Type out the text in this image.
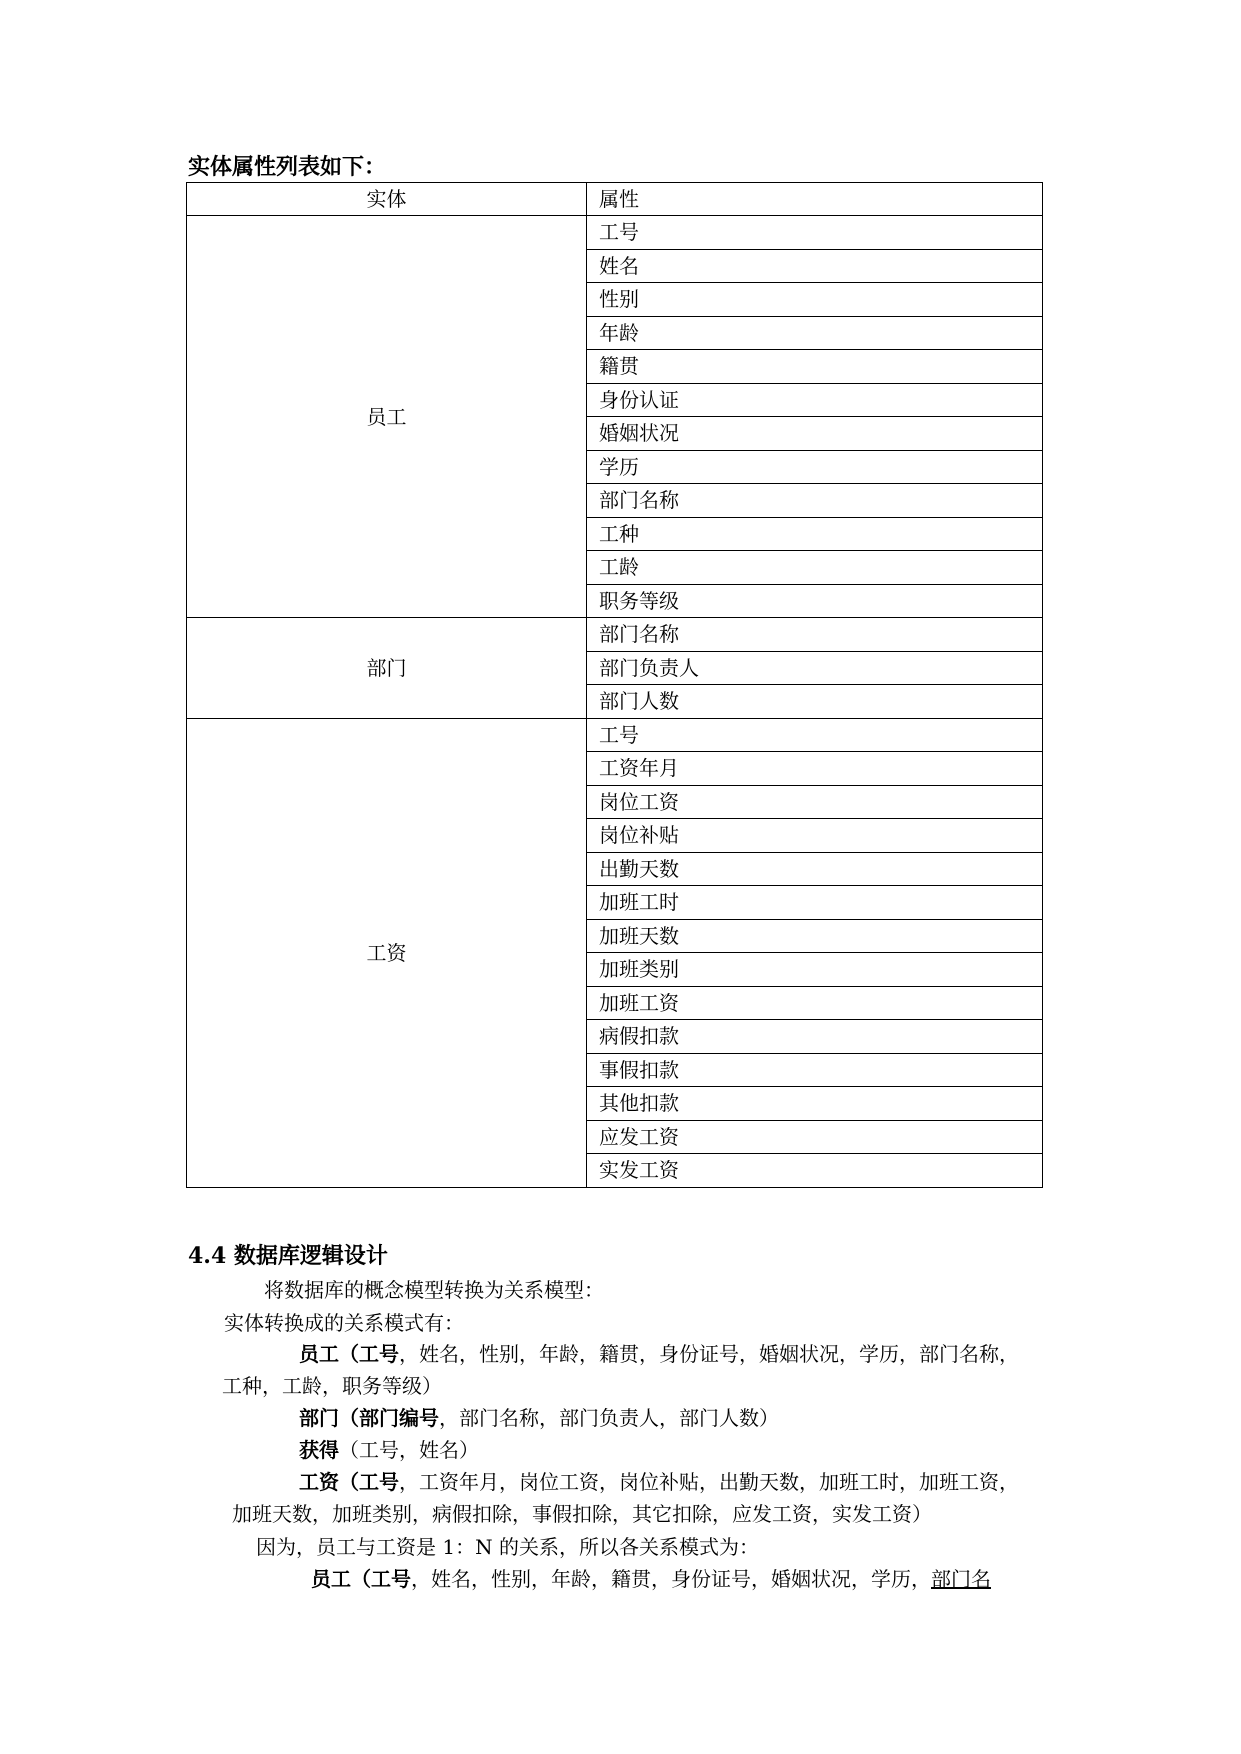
实体属性列表如下：
实体	属性
员工	工号
	姓名
	性别
	年龄
	籍贯
	身份认证
	婚姻状况
	学历
	部门名称
	工种
	工龄
	职务等级
部门	部门名称
	部门负责人
	部门人数
工资	工号
	工资年月
	岗位工资
	岗位补贴
	出勤天数
	加班工时
	加班天数
	加班类别
	加班工资
	病假扣款
	事假扣款
	其他扣款
	应发工资
	实发工资
4.4 数据库逻辑设计
将数据库的概念模型转换为关系模型：
实体转换成的关系模式有：
员工（工号，姓名，性别，年龄，籍贯，身份证号，婚姻状况，学历，部门名称，
工种，工龄，职务等级）
部门（部门编号，部门名称，部门负责人，部门人数）
获得（工号，姓名）
工资（工号，工资年月，岗位工资，岗位补贴，出勤天数，加班工时，加班工资，
加班天数，加班类别，病假扣除，事假扣除，其它扣除，应发工资，实发工资）
因为，员工与工资是 1：N 的关系，所以各关系模式为：
员工（工号，姓名，性别，年龄，籍贯，身份证号，婚姻状况，学历，部门名
